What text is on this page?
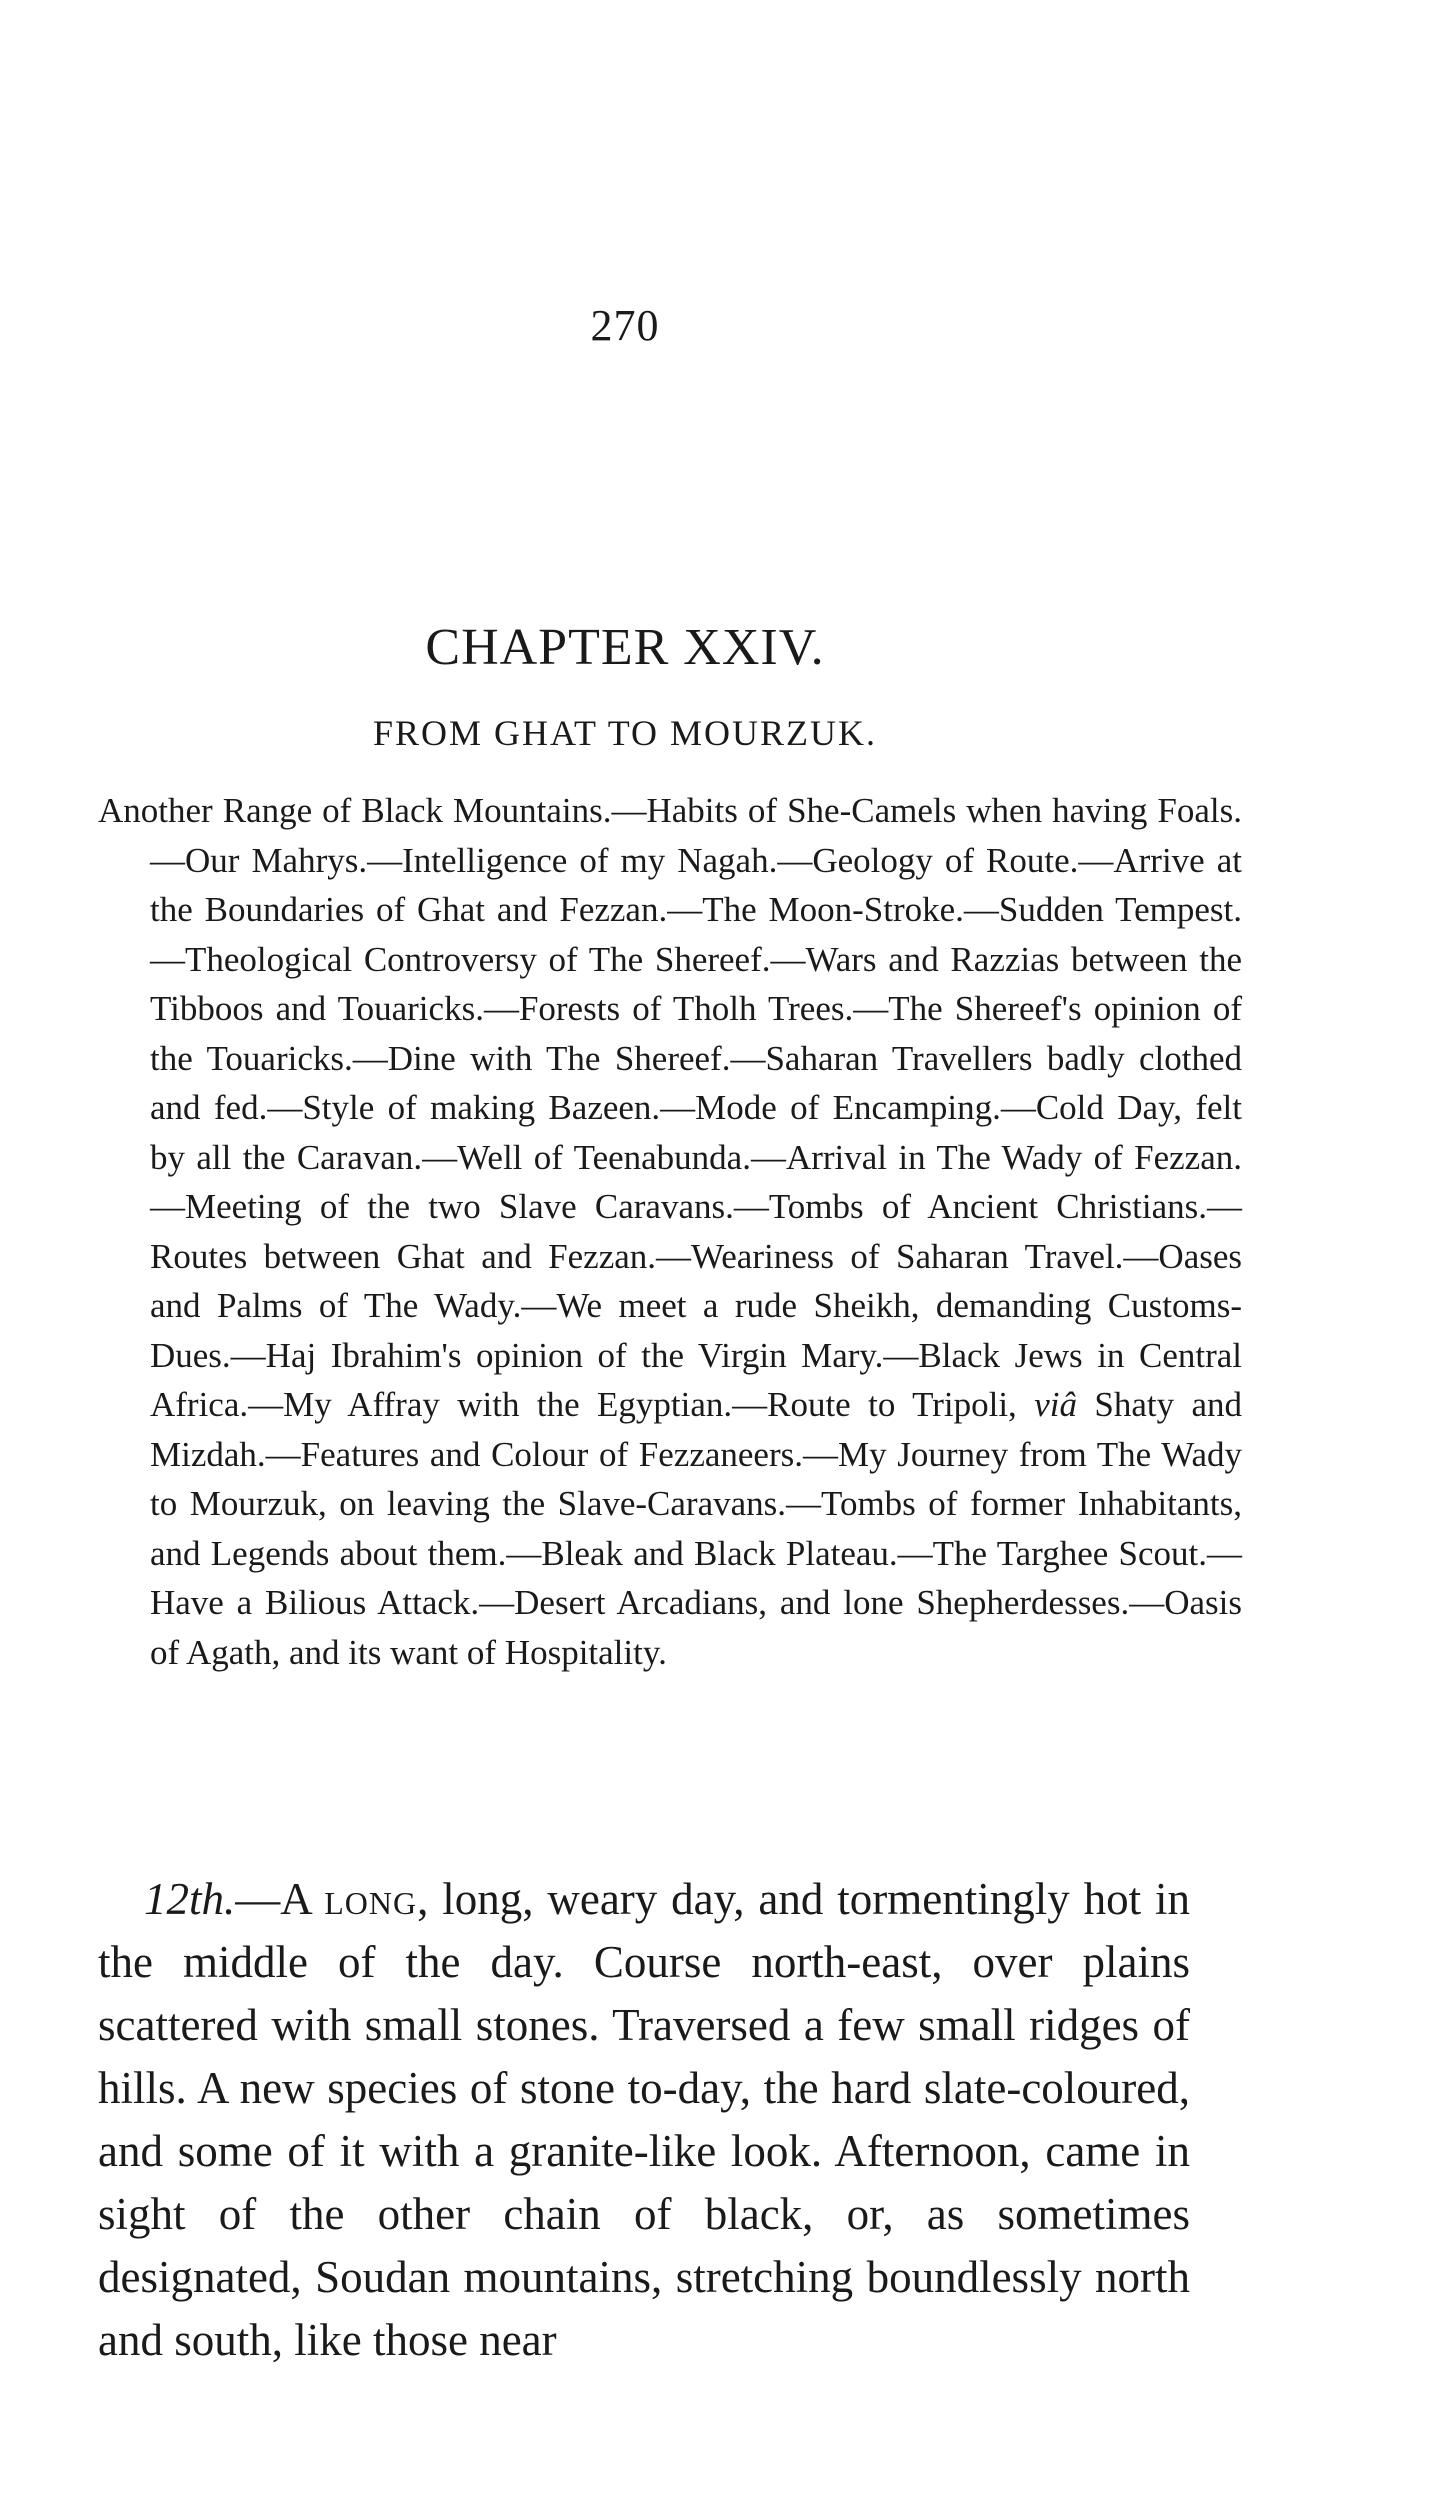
270
CHAPTER XXIV.
FROM GHAT TO MOURZUK.

Another Range of Black Mountains.—Habits of She-Camels when having Foals.—Our Mahrys.—Intelligence of my Nagah.—Geology of Route.—Arrive at the Boundaries of Ghat and Fezzan.—The Moon-Stroke.—Sudden Tempest.—Theological Controversy of The Shereef.—Wars and Razzias between the Tibboos and Touaricks.—Forests of Tholh Trees.—The Shereef's opinion of the Touaricks.—Dine with The Shereef.—Saharan Travellers badly clothed and fed.—Style of making Bazeen.—Mode of Encamping.—Cold Day, felt by all the Caravan.—Well of Teenabunda.—Arrival in The Wady of Fezzan.—Meeting of the two Slave Caravans.—Tombs of Ancient Christians.—Routes between Ghat and Fezzan.—Weariness of Saharan Travel.—Oases and Palms of The Wady.—We meet a rude Sheikh, demanding Customs-Dues.—Haj Ibrahim's opinion of the Virgin Mary.—Black Jews in Central Africa.—My Affray with the Egyptian.—Route to Tripoli, viâ Shaty and Mizdah.—Features and Colour of Fezzaneers.—My Journey from The Wady to Mourzuk, on leaving the Slave-Caravans.—Tombs of former Inhabitants, and Legends about them.—Bleak and Black Plateau.—The Targhee Scout.—Have a Bilious Attack.—Desert Arcadians, and lone Shepherdesses.—Oasis of Agath, and its want of Hospitality.

12th.—A long, long, weary day, and tormentingly hot in the middle of the day. Course north-east, over plains scattered with small stones. Traversed a few small ridges of hills. A new species of stone to-day, the hard slate-coloured, and some of it with a granite-like look. Afternoon, came in sight of the other chain of black, or, as sometimes designated, Soudan mountains, stretching boundlessly north and south, like those near
